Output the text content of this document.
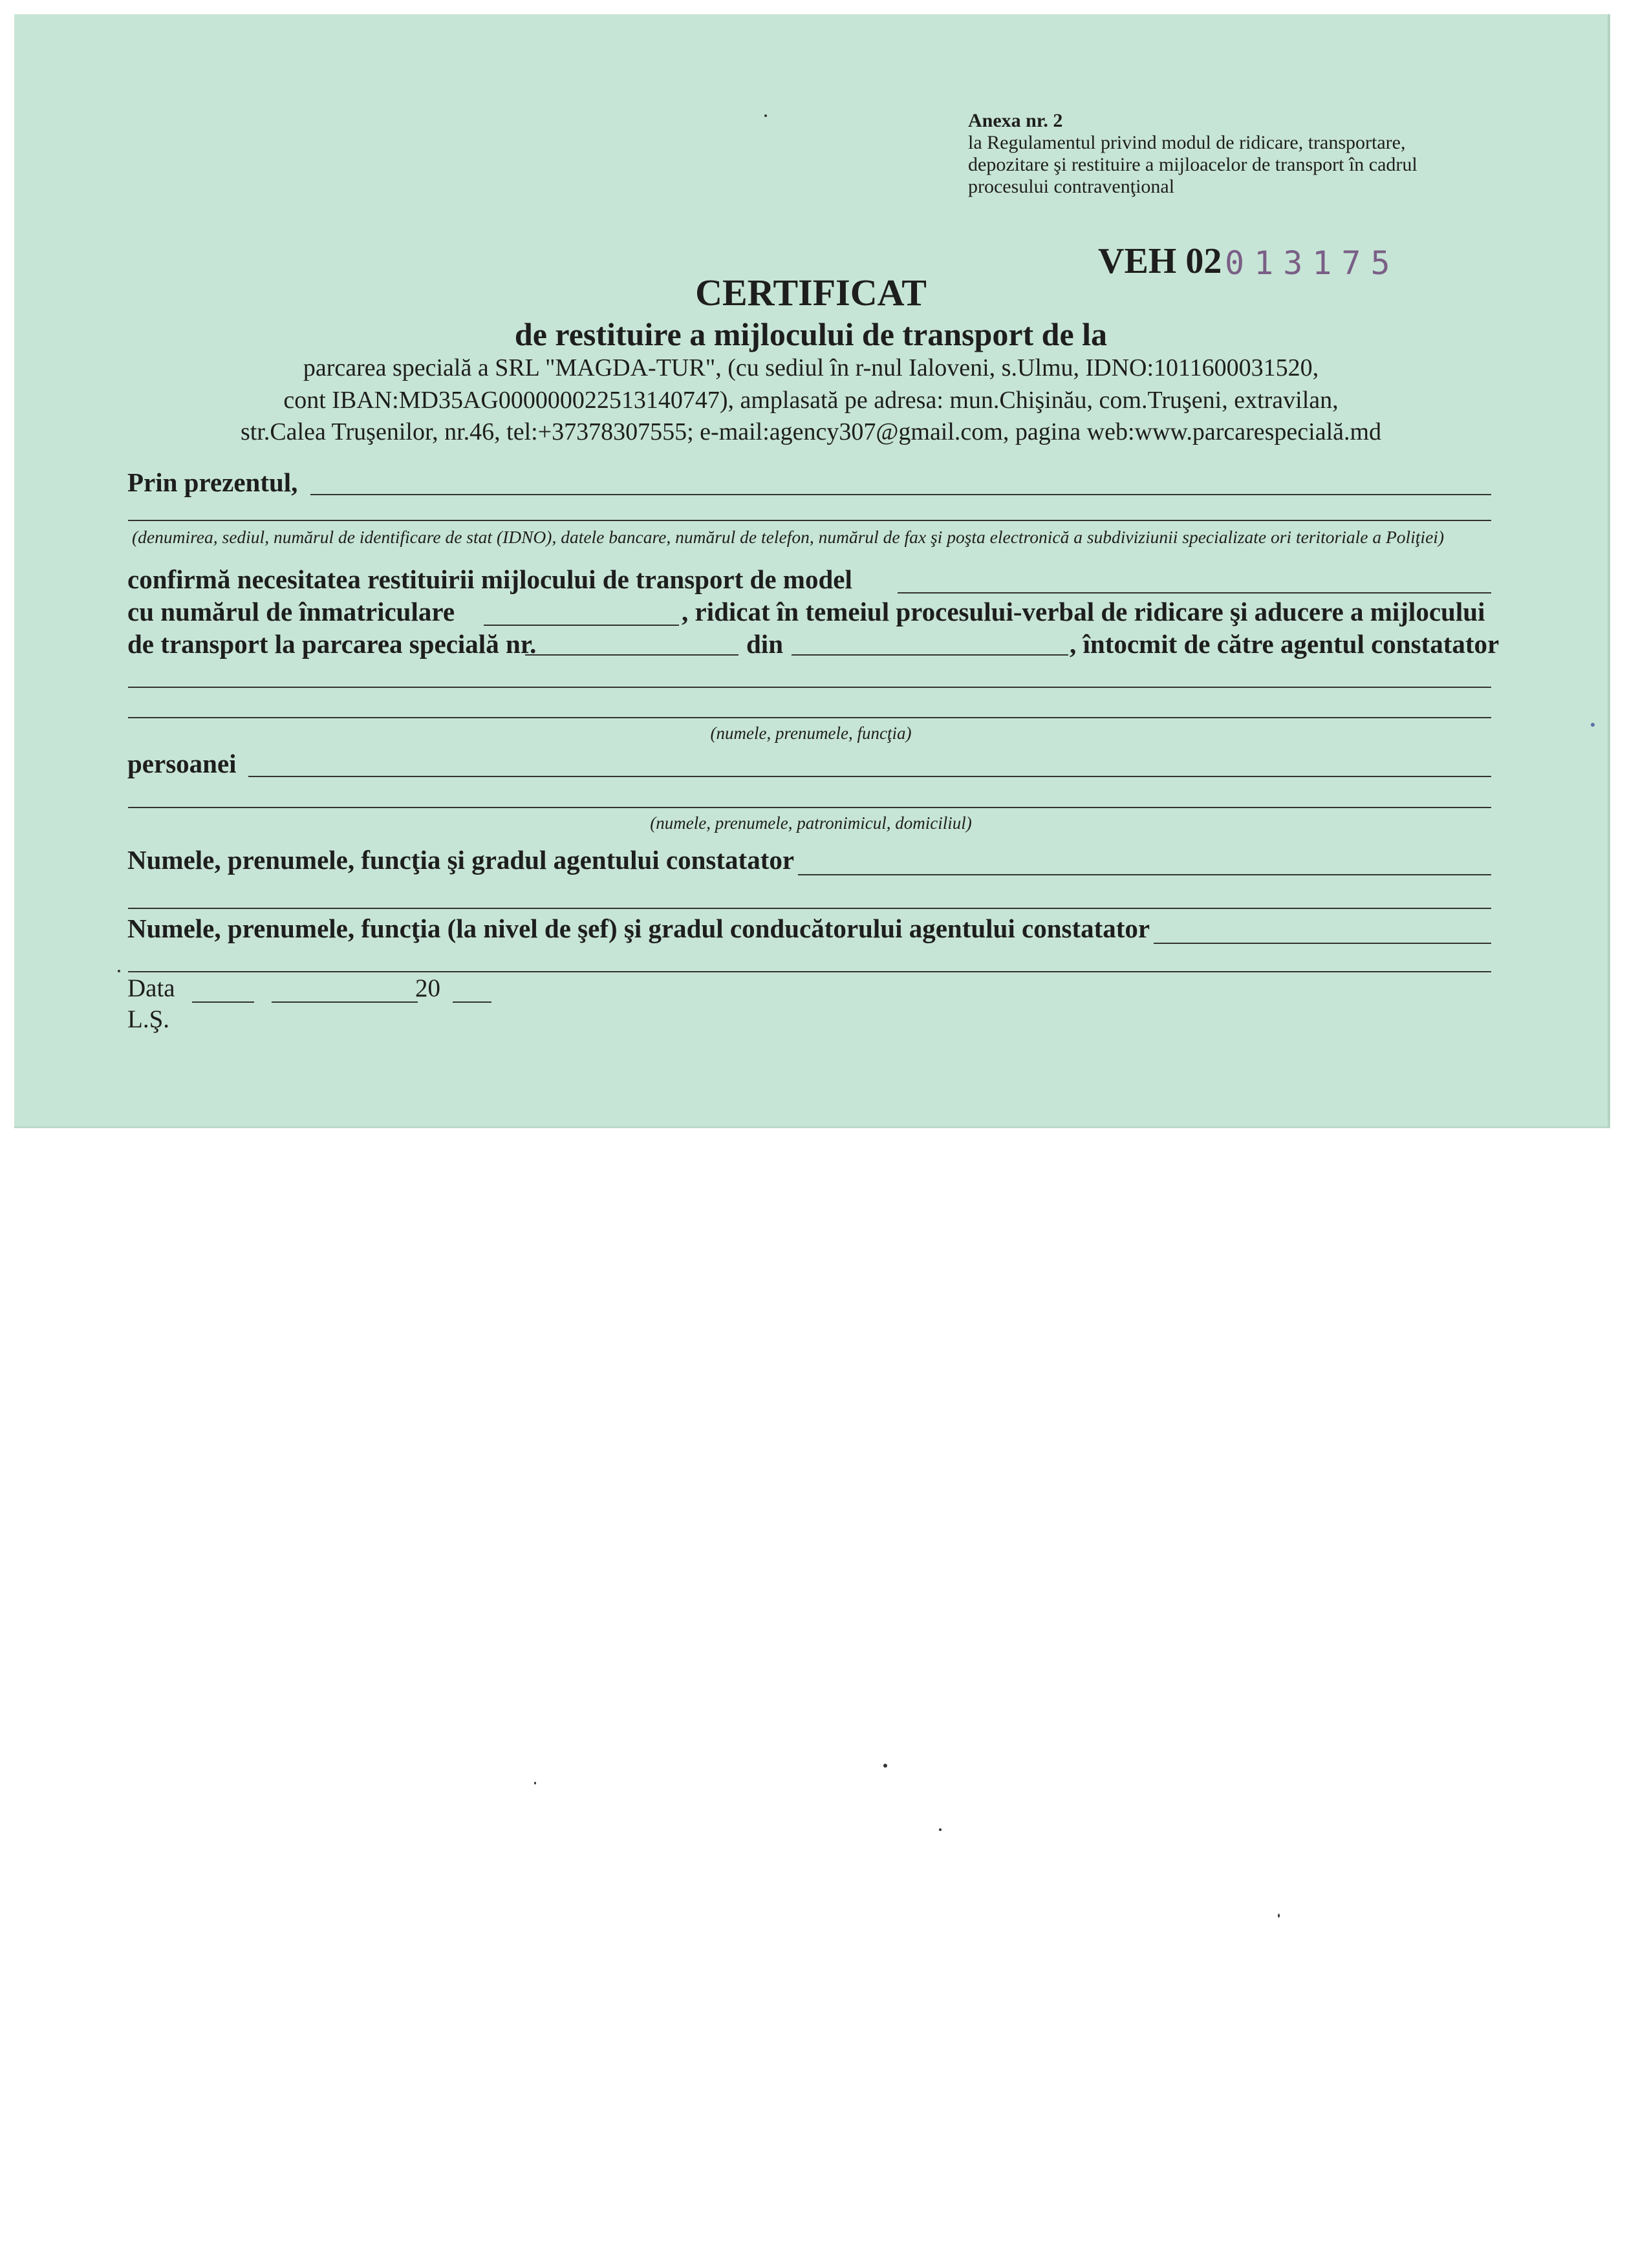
Anexa nr. 2
la Regulamentul privind modul de ridicare, transportare,
depozitare şi restituire a mijloacelor de transport în cadrul
procesului contravenţional
VEH 02 013175
CERTIFICAT
de restituire a mijlocului de transport de la
parcarea specială a SRL "MAGDA-TUR", (cu sediul în r-nul Ialoveni, s.Ulmu, IDNO:1011600031520,
cont IBAN:MD35AG000000022513140747), amplasată pe adresa: mun.Chişinău, com.Truşeni, extravilan,
str.Calea Truşenilor, nr.46, tel:+37378307555; e-mail:agency307@gmail.com, pagina web:www.parcarespecială.md
Prin prezentul,
(denumirea, sediul, numărul de identificare de stat (IDNO), datele bancare, numărul de telefon, numărul de fax şi poşta electronică a subdiviziunii specializate ori teritoriale a Poliţiei)
confirmă necesitatea restituirii mijlocului de transport de model
cu numărul de înmatriculare	, ridicat în temeiul procesului-verbal de ridicare şi aducere a mijlocului
de transport la parcarea specială nr.	din	, întocmit de către agentul constatator
(numele, prenumele, funcţia)
persoanei
(numele, prenumele, patronimicul, domiciliul)
Numele, prenumele, funcţia şi gradul agentului constatator
Numele, prenumele, funcţia (la nivel de şef) şi gradul conducătorului agentului constatator
Data	20
L.Ş.
